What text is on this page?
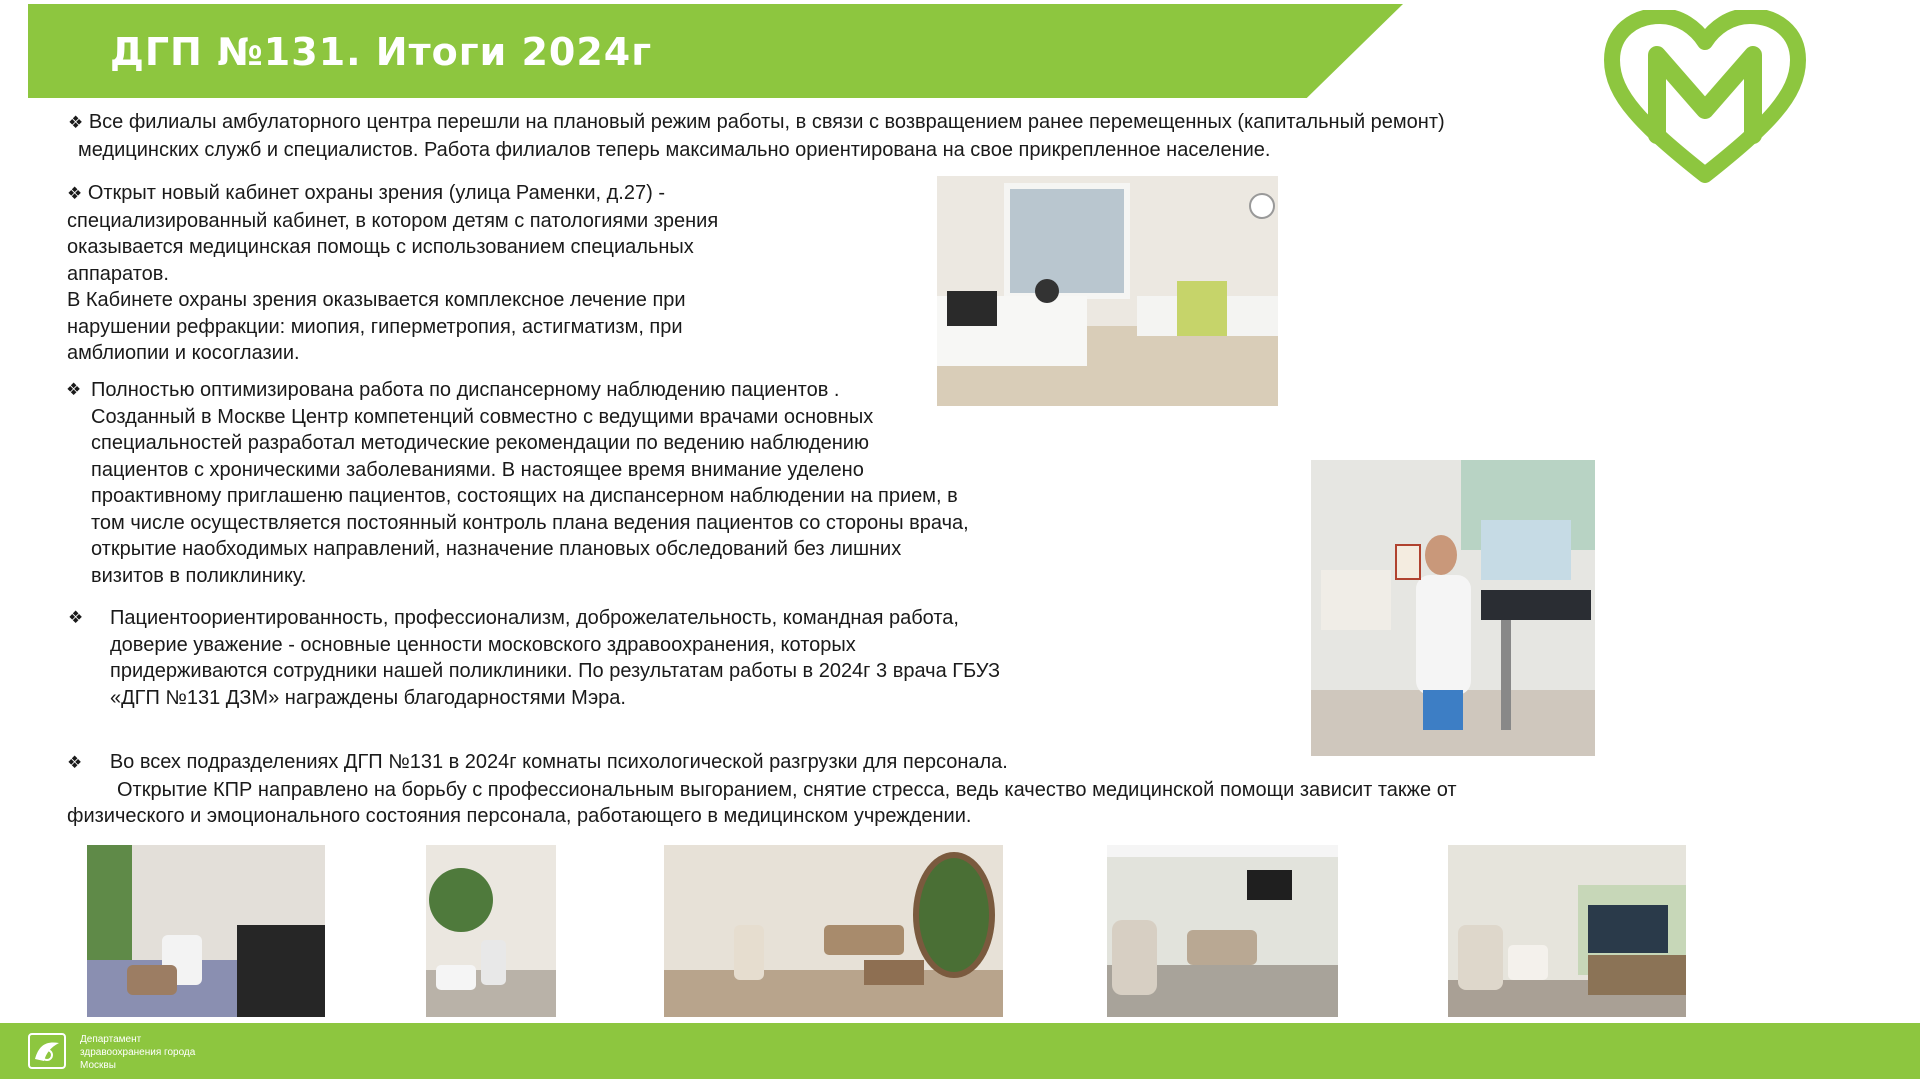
ДГП №131. Итоги 2024г

❖ Все филиалы амбулаторного центра перешли на плановый режим работы, в связи с возвращением ранее перемещенных (капитальный ремонт)
медицинских служб и специалистов. Работа филиалов теперь максимально ориентирована на свое прикрепленное население.

❖ Открыт новый кабинет охраны зрения (улица Раменки, д.27) -
специализированный кабинет, в котором детям с патологиями зрения
оказывается медицинская помощь с использованием специальных
аппаратов.
В Кабинете охраны зрения оказывается комплексное лечение при
нарушении рефракции: миопия, гиперметропия, астигматизм, при
амблиопии и косоглазии.

❖ Полностью оптимизирована работа по диспансерному наблюдению пациентов .
Созданный в Москве Центр компетенций совместно с ведущими врачами основных
специальностей разработал методические рекомендации по ведению наблюдению
пациентов с хроническими заболеваниями. В настоящее время внимание уделено
проактивному приглашеню пациентов, состоящих на диспансерном наблюдении на прием, в
том числе осуществляется постоянный контроль плана ведения пациентов со стороны врача,
открытие наобходимых направлений, назначение плановых обследований без лишних
визитов в поликлинику.
❖	Пациентоориентированность, профессионализм, доброжелательность, командная работа,
доверие уважение - основные ценности московского здравоохранения, которых
придерживаются сотрудники нашей поликлиники. По результатам работы в 2024г 3 врача ГБУЗ
«ДГП №131 ДЗМ» награждены благодарностями Мэра.
❖ Во всех подразделениях ДГП №131 в 2024г комнаты психологической разгрузки для персонала.
Открытие КПР направлено на борьбу с профессиональным выгоранием, снятие стресса, ведь качество медицинской помощи зависит также от
физического и эмоционального состояния персонала, работающего в медицинском учреждении.
Департамент
здравоохранения города
Москвы
